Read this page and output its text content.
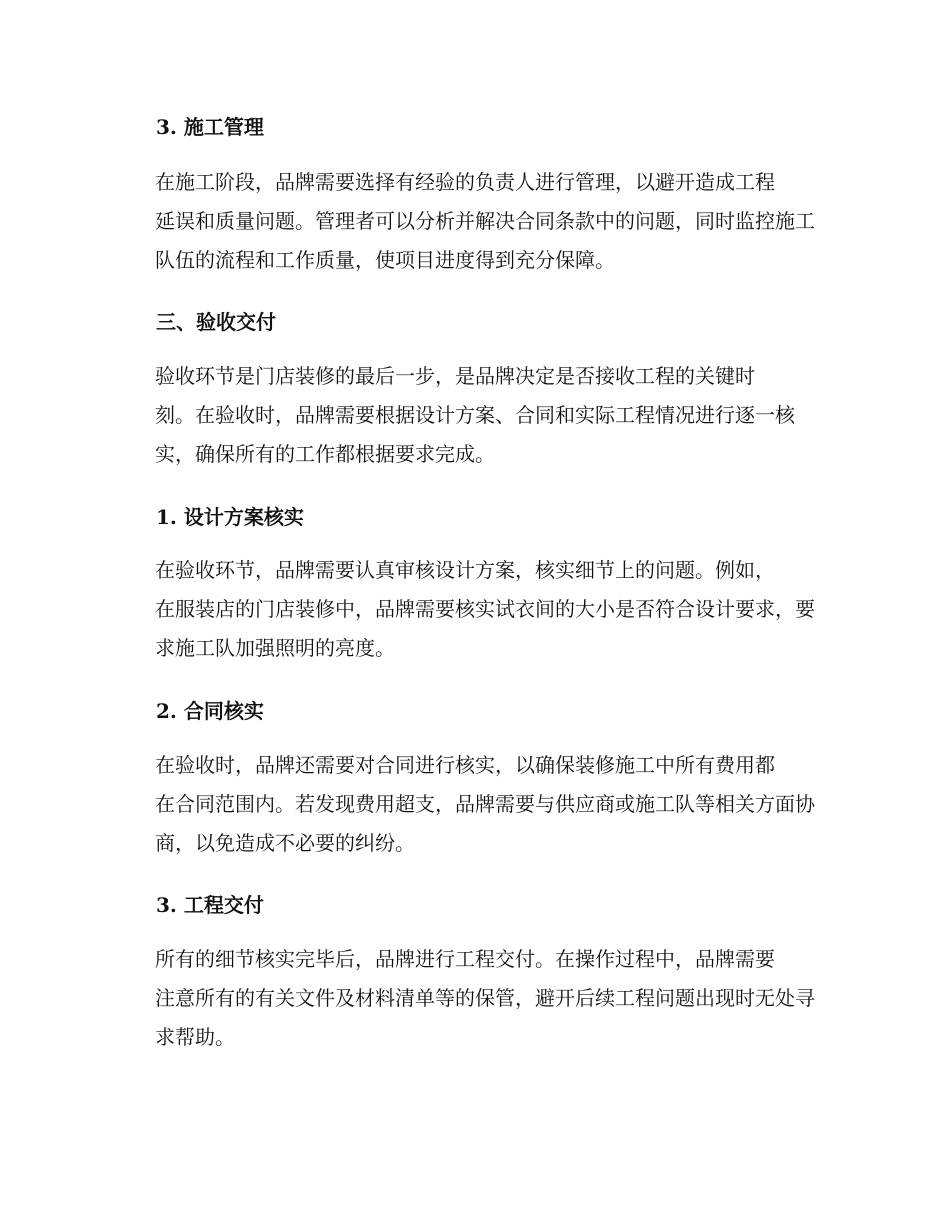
3. 施工管理

在施工阶段，品牌需要选择有经验的负责人进行管理，以避开造成工程
延误和质量问题。管理者可以分析并解决合同条款中的问题，同时监控施工
队伍的流程和工作质量，使项目进度得到充分保障。

三、验收交付

验收环节是门店装修的最后一步，是品牌决定是否接收工程的关键时
刻。在验收时，品牌需要根据设计方案、合同和实际工程情况进行逐一核
实，确保所有的工作都根据要求完成。

1. 设计方案核实

在验收环节，品牌需要认真审核设计方案，核实细节上的问题。例如，
在服装店的门店装修中，品牌需要核实试衣间的大小是否符合设计要求，要
求施工队加强照明的亮度。

2. 合同核实

在验收时，品牌还需要对合同进行核实，以确保装修施工中所有费用都
在合同范围内。若发现费用超支，品牌需要与供应商或施工队等相关方面协
商，以免造成不必要的纠纷。

3. 工程交付

所有的细节核实完毕后，品牌进行工程交付。在操作过程中，品牌需要
注意所有的有关文件及材料清单等的保管，避开后续工程问题出现时无处寻
求帮助。
